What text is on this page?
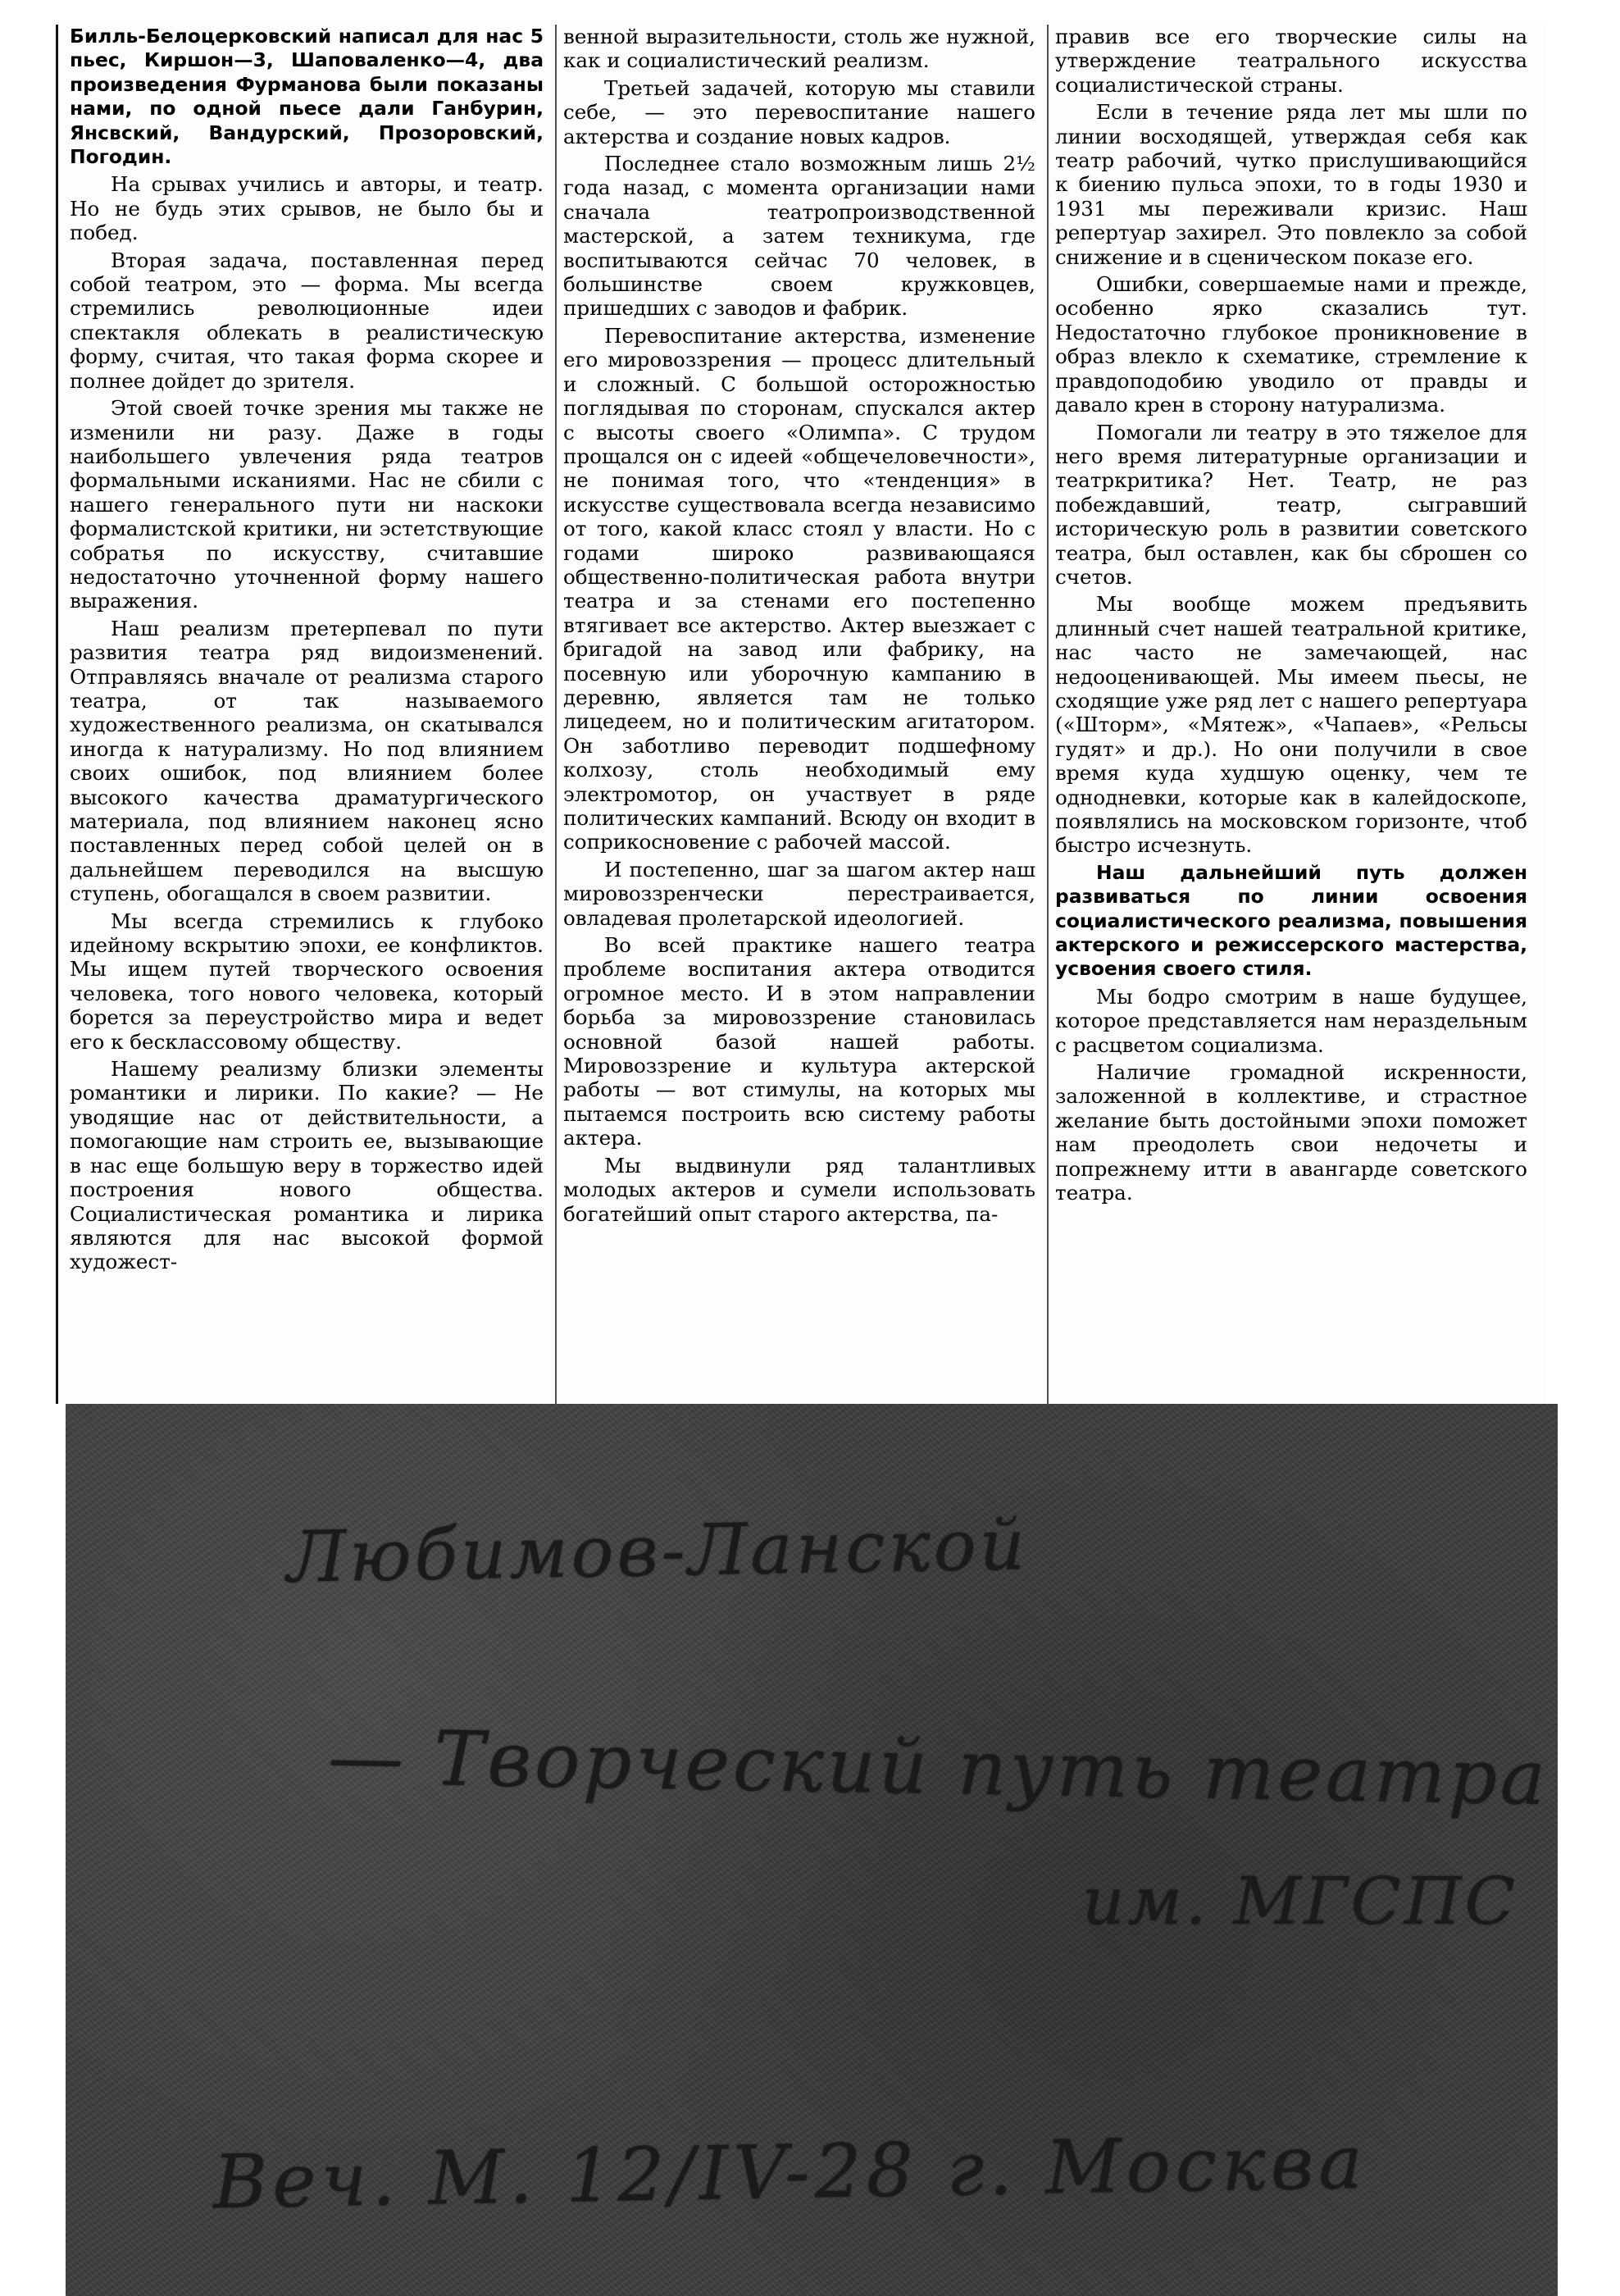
Билль-Белоцерковский написал для нас 5 пьес, Киршон—3, Шаповаленко—4, два произведения Фурманова были показаны нами, по одной пьесе дали Ганбурин, Янсвский, Вандурский, Прозоровский, Погодин.

На срывах учились и авторы, и театр. Но не будь этих срывов, не было бы и побед.

Вторая задача, поставленная перед собой театром, это — форма. Мы всегда стремились революционные идеи спектакля облекать в реалистическую форму, считая, что такая форма скорее и полнее дойдет до зрителя.

Этой своей точке зрения мы также не изменили ни разу. Даже в годы наибольшего увлечения ряда театров формальными исканиями. Нас не сбили с нашего генерального пути ни наскоки формалистской критики, ни эстетствующие собратья по искусству, считавшие недостаточно уточненной форму нашего выражения.

Наш реализм претерпевал по пути развития театра ряд видоизменений. Отправляясь вначале от реализма старого театра, от так называемого художественного реализма, он скатывался иногда к натурализму. Но под влиянием своих ошибок, под влиянием более высокого качества драматургического материала, под влиянием наконец ясно поставленных перед собой целей он в дальнейшем переводился на высшую ступень, обогащался в своем развитии.

Мы всегда стремились к глубоко идейному вскрытию эпохи, ее конфликтов. Мы ищем путей творческого освоения человека, того нового человека, который борется за переустройство мира и ведет его к бесклассовому обществу.

Нашему реализму близки элементы романтики и лирики. По какие? — Не уводящие нас от действительности, а помогающие нам строить ее, вызывающие в нас еще большую веру в торжество идей построения нового общества. Социалистическая романтика и лирика являются для нас высокой формой художест-

венной выразительности, столь же нужной, как и социалистический реализм.

Третьей задачей, которую мы ставили себе, — это перевоспитание нашего актерства и создание новых кадров.

Последнее стало возможным лишь 2½ года назад, с момента организации нами сначала театропроизводственной мастерской, а затем техникума, где воспитываются сейчас 70 человек, в большинстве своем кружковцев, пришедших с заводов и фабрик.

Перевоспитание актерства, изменение его мировоззрения — процесс длительный и сложный. С большой осторожностью поглядывая по сторонам, спускался актер с высоты своего «Олимпа». С трудом прощался он с идеей «общечеловечности», не понимая того, что «тенденция» в искусстве существовала всегда независимо от того, какой класс стоял у власти. Но с годами широко развивающаяся общественно-политическая работа внутри театра и за стенами его постепенно втягивает все актерство. Актер выезжает с бригадой на завод или фабрику, на посевную или уборочную кампанию в деревню, является там не только лицедеем, но и политическим агитатором. Он заботливо переводит подшефному колхозу, столь необходимый ему электромотор, он участвует в ряде политических кампаний. Всюду он входит в соприкосновение с рабочей массой.

И постепенно, шаг за шагом актер наш мировоззренчески перестраивается, овладевая пролетарской идеологией.

Во всей практике нашего театра проблеме воспитания актера отводится огромное место. И в этом направлении борьба за мировоззрение становилась основной базой нашей работы. Мировоззрение и культура актерской работы — вот стимулы, на которых мы пытаемся построить всю систему работы актера.

Мы выдвинули ряд талантливых молодых актеров и сумели использовать богатейший опыт старого актерства, па-

правив все его творческие силы на утверждение театрального искусства социалистической страны.

Если в течение ряда лет мы шли по линии восходящей, утверждая себя как театр рабочий, чутко прислушивающийся к биению пульса эпохи, то в годы 1930 и 1931 мы переживали кризис. Наш репертуар захирел. Это повлекло за собой снижение и в сценическом показе его.

Ошибки, совершаемые нами и прежде, особенно ярко сказались тут. Недостаточно глубокое проникновение в образ влекло к схематике, стремление к правдоподобию уводило от правды и давало крен в сторону натурализма.

Помогали ли театру в это тяжелое для него время литературные организации и театркритика? Нет. Театр, не раз побеждавший, театр, сыгравший историческую роль в развитии советского театра, был оставлен, как бы сброшен со счетов.

Мы вообще можем предъявить длинный счет нашей театральной критике, нас часто не замечающей, нас недооценивающей. Мы имеем пьесы, не сходящие уже ряд лет с нашего репертуара («Шторм», «Мятеж», «Чапаев», «Рельсы гудят» и др.). Но они получили в свое время куда худшую оценку, чем те однодневки, которые как в калейдоскопе, появлялись на московском горизонте, чтоб быстро исчезнуть.

Наш дальнейший путь должен развиваться по линии освоения социалистического реализма, повышения актерского и режиссерского мастерства, усвоения своего стиля.

Мы бодро смотрим в наше будущее, которое представляется нам нераздельным с расцветом социализма.

Наличие громадной искренности, заложенной в коллективе, и страстное желание быть достойными эпохи поможет нам преодолеть свои недочеты и попрежнему итти в авангарде советского театра.

Любимов-Ланской
— Творческий путь театра
им. МГСПС
Веч. М. 12/IV-28 г. Москва
